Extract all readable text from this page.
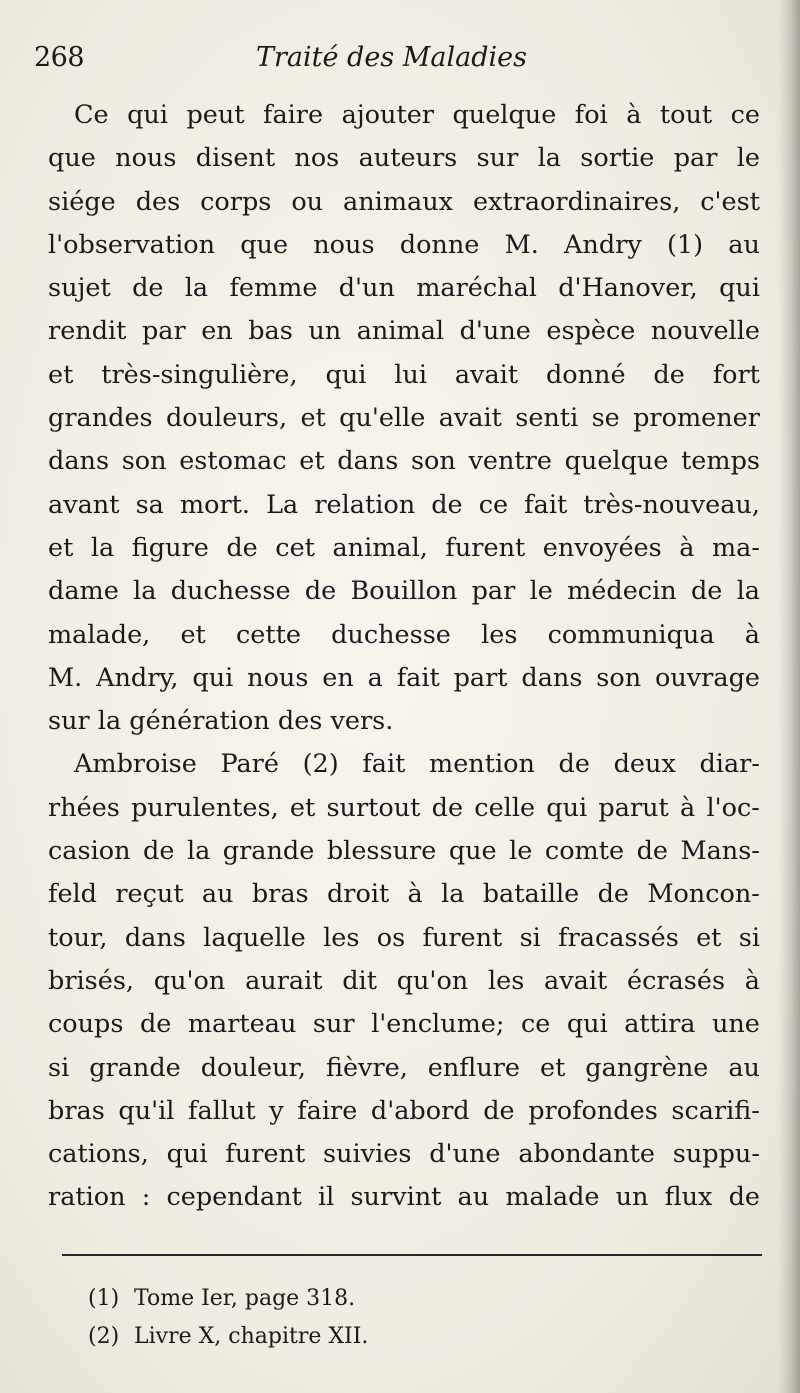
268	Traité des Maladies
Ce qui peut faire ajouter quelque foi à tout ce
que nous disent nos auteurs sur la sortie par le
siége des corps ou animaux extraordinaires, c'est
l'observation que nous donne M. Andry (1) au
sujet de la femme d'un maréchal d'Hanover, qui
rendit par en bas un animal d'une espèce nouvelle
et très-singulière, qui lui avait donné de fort
grandes douleurs, et qu'elle avait senti se promener
dans son estomac et dans son ventre quelque temps
avant sa mort. La relation de ce fait très-nouveau,
et la figure de cet animal, furent envoyées à ma-
dame la duchesse de Bouillon par le médecin de la
malade, et cette duchesse les communiqua à
M. Andry, qui nous en a fait part dans son ouvrage
sur la génération des vers.
Ambroise Paré (2) fait mention de deux diar-
rhées purulentes, et surtout de celle qui parut à l'oc-
casion de la grande blessure que le comte de Mans-
feld reçut au bras droit à la bataille de Moncon-
tour, dans laquelle les os furent si fracassés et si
brisés, qu'on aurait dit qu'on les avait écrasés à
coups de marteau sur l'enclume; ce qui attira une
si grande douleur, fièvre, enflure et gangrène au
bras qu'il fallut y faire d'abord de profondes scarifi-
cations, qui furent suivies d'une abondante suppu-
ration : cependant il survint au malade un flux de
(1) Tome Ier, page 318.
(2) Livre X, chapitre XII.
